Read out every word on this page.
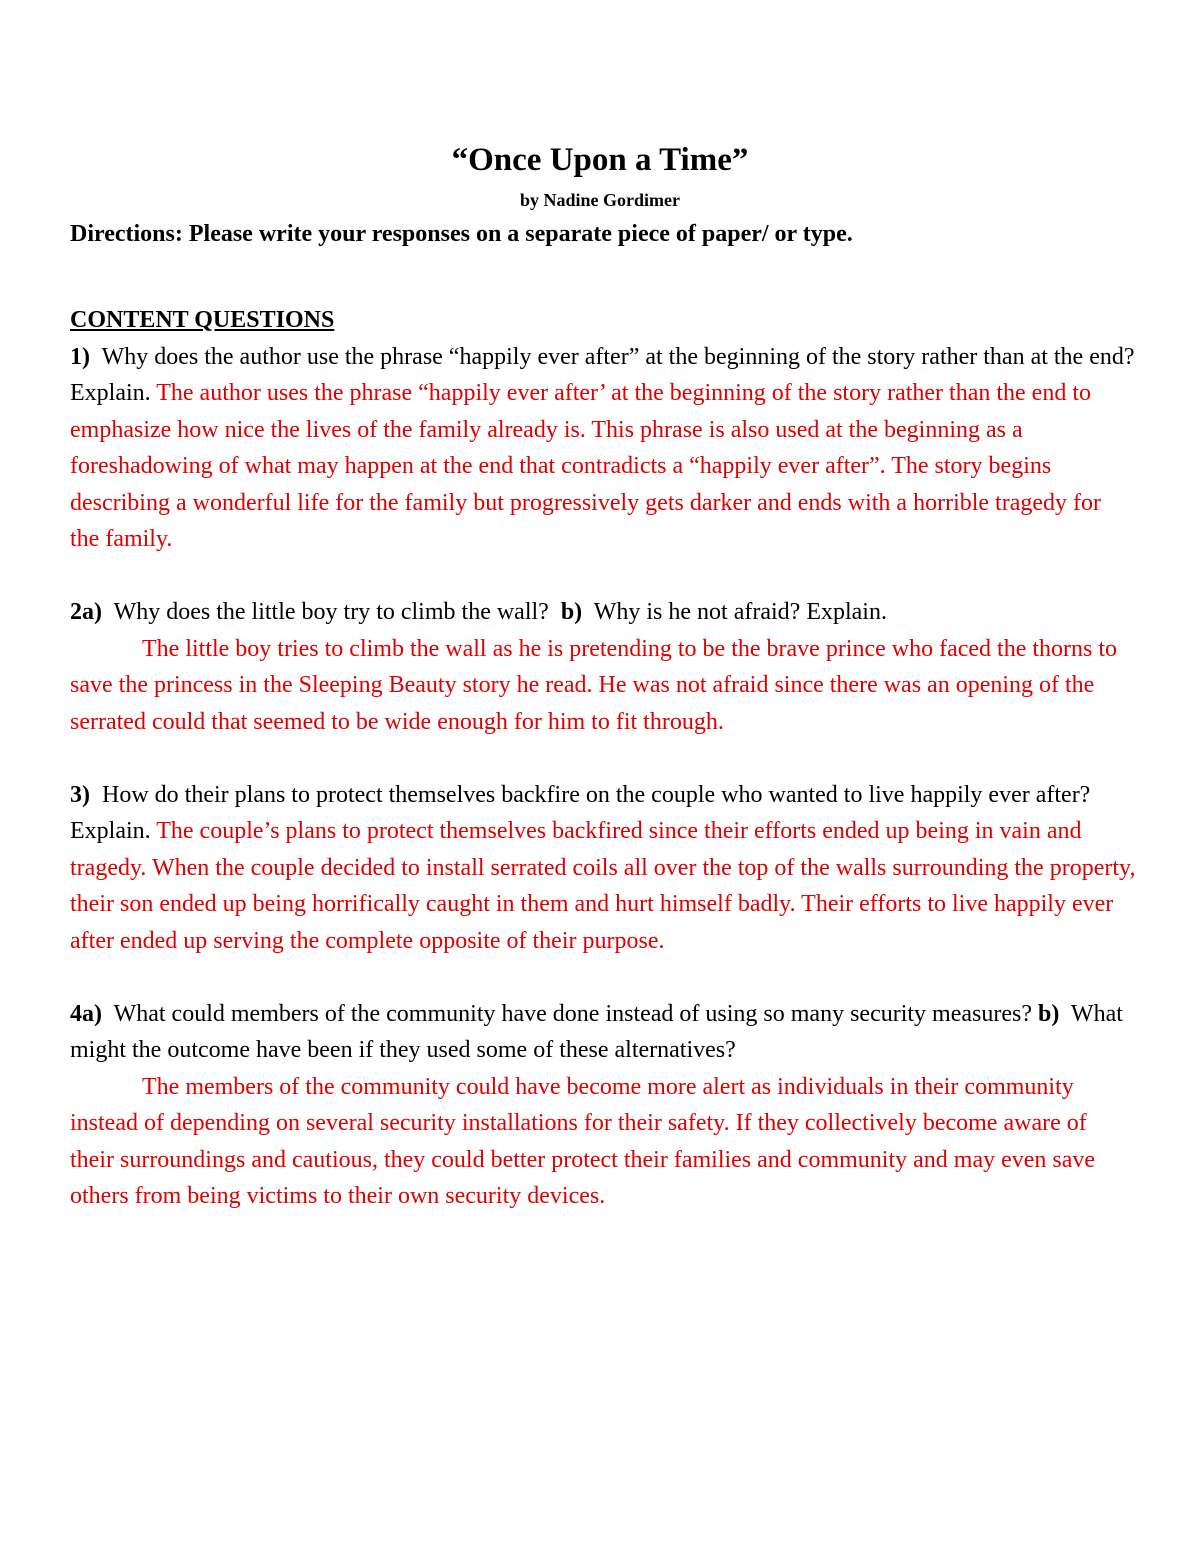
“Once Upon a Time”
by Nadine Gordimer
Directions: Please write your responses on a separate piece of paper/ or type.

CONTENT QUESTIONS

1) Why does the author use the phrase “happily ever after” at the beginning of the story rather than at the end? Explain. The author uses the phrase “happily ever after’ at the beginning of the story rather than the end to emphasize how nice the lives of the family already is. This phrase is also used at the beginning as a foreshadowing of what may happen at the end that contradicts a “happily ever after”. The story begins describing a wonderful life for the family but progressively gets darker and ends with a horrible tragedy for the family.

2a) Why does the little boy try to climb the wall? b) Why is he not afraid? Explain.

The little boy tries to climb the wall as he is pretending to be the brave prince who faced the thorns to save the princess in the Sleeping Beauty story he read. He was not afraid since there was an opening of the serrated could that seemed to be wide enough for him to fit through.

3) How do their plans to protect themselves backfire on the couple who wanted to live happily ever after? Explain. The couple’s plans to protect themselves backfired since their efforts ended up being in vain and tragedy. When the couple decided to install serrated coils all over the top of the walls surrounding the property, their son ended up being horrifically caught in them and hurt himself badly. Their efforts to live happily ever after ended up serving the complete opposite of their purpose.

4a) What could members of the community have done instead of using so many security measures? b) What might the outcome have been if they used some of these alternatives?

The members of the community could have become more alert as individuals in their community instead of depending on several security installations for their safety. If they collectively become aware of their surroundings and cautious, they could better protect their families and community and may even save others from being victims to their own security devices.
